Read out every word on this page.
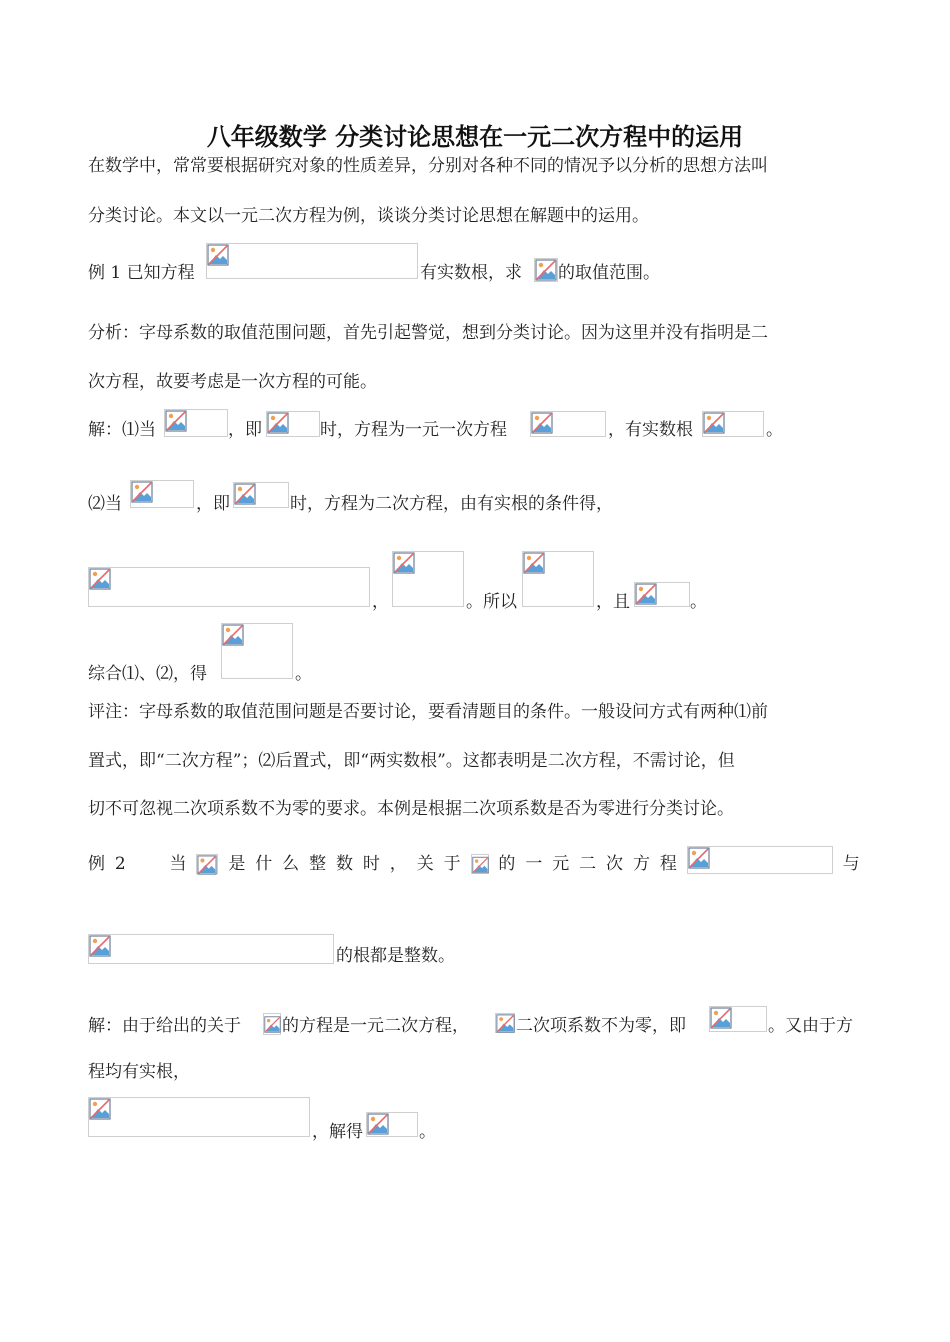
八年级数学 分类讨论思想在一元二次方程中的运用
在数学中，常常要根据研究对象的性质差异，分别对各种不同的情况予以分析的思想方法叫
分类讨论。本文以一元二次方程为例，谈谈分类讨论思想在解题中的运用。
例 1 已知方程	有实数根，求 的取值范围。
分析：字母系数的取值范围问题，首先引起警觉，想到分类讨论。因为这里并没有指明是二
次方程，故要考虑是一次方程的可能。
解：⑴当	，即	时，方程为一元一次方程	，有实数根	。
⑵当	，即	时，方程为二次方程，由有实根的条件得，
，	。所以	，且	。
综合⑴、⑵，得	。
评注：字母系数的取值范围问题是否要讨论，要看清题目的条件。一般设问方式有两种⑴前
置式，即“二次方程”；⑵后置式，即“两实数根”。这都表明是二次方程，不需讨论，但
切不可忽视二次项系数不为零的要求。本例是根据二次项系数是否为零进行分类讨论。
例 2	当 是 什 么 整 数 时 ， 关 于 的 一 元 二 次 方 程	与
的根都是整数。
解：由于给出的关于 的方程是一元二次方程，	二次项系数不为零，即	。又由于方
程均有实根，
，解得	。
